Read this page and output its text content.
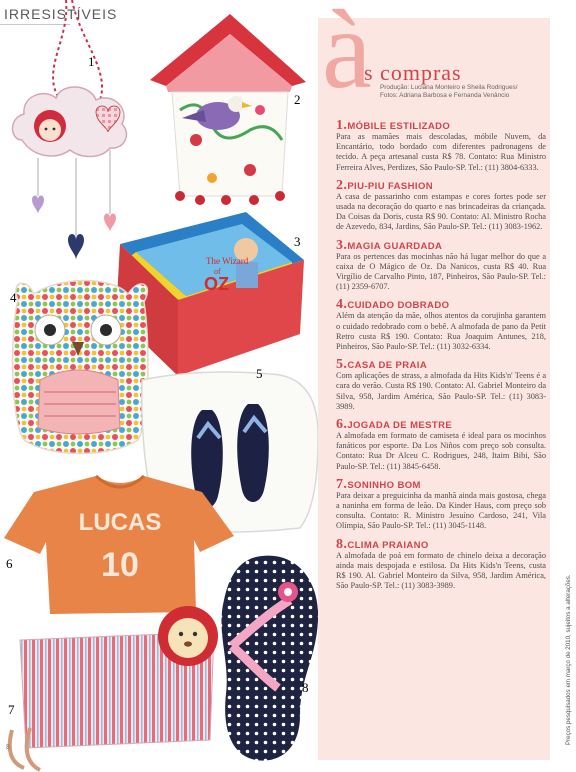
IRRESISTÍVEIS à
s compras
Produção: Luciana Monteiro e Sheila Rodrigues/
Fotos: Adriana Barbosa e Fernanda Venâncio
1.MÓBILE ESTILIZADO
Para as mamães mais descoladas, móbile Nuvem, da Encantário, todo bordado com diferentes padronagens de tecido. A peça artesanal custa R$ 78. Contato: Rua Ministro Ferreira Alves, Perdizes, São Paulo-SP. Tel.: (11) 3804-6333.
2.PIU-PIU FASHION
A casa de passarinho com estampas e cores fortes pode ser usada na decoração do quarto e nas brincadeiras da criançada. Da Coisas da Doris, custa R$ 90. Contato: Al. Ministro Rocha de Azevedo, 834, Jardins, São Paulo-SP. Tel.: (11) 3083-1962.
3.MAGIA GUARDADA
Para os pertences das mocinhas não há lugar melhor do que a caixa de O Mágico de Oz. Da Nanicos, custa R$ 40. Rua Virgílio de Carvalho Pinto, 187, Pinheiros, São Paulo-SP. Tel.: (11) 2359-6707.
4.CUIDADO DOBRADO
Além da atenção da mãe, olhos atentos da corujinha garantem o cuidado redobrado com o bebê. A almofada de pano da Petit Retro custa R$ 190. Contato: Rua Joaquim Antunes, 218, Pinheiros, São Paulo-SP. Tel.: (11) 3032-6334.
5.CASA DE PRAIA
Com aplicações de strass, a almofada da Hits Kids'n' Teens é a cara do verão. Custa R$ 190. Contato: Al. Gabriel Monteiro da Silva, 958, Jardim América, São Paulo-SP. Tel.: (11) 3083-3989.
6.JOGADA DE MESTRE
A almofada em formato de camiseta é ideal para os mocinhos fanáticos por esporte. Da Los Niños com preço sob consulta. Contato: Rua Dr Alceu C. Rodrigues, 248, Itaim Bibi, São Paulo-SP. Tel.: (11) 3845-6458.
7.SONINHO BOM
Para deixar a preguicinha da manhã ainda mais gostosa, chega a naninha em forma de leão. Da Kinder Haus, com preço sob consulta. Contato: R. Ministro Jesuíno Cardoso, 241, Vila Olímpia, São Paulo-SP. Tel.: (11) 3045-1148.
8.CLIMA PRAIANO
A almofada de poá em formato de chinelo deixa a decoração ainda mais despojada e estilosa. Da Hits Kids'n Teens, custa R$ 190. Al. Gabriel Monteiro da Silva, 958, Jardim América, São Paulo-SP. Tel.: (11) 3083-3989.
The Wizard
of
OZ
LUCAS
10
1
2
3
4
5
6
7
8	Preços pesquisados em março de 2010, sujeitos a alterações.
8
